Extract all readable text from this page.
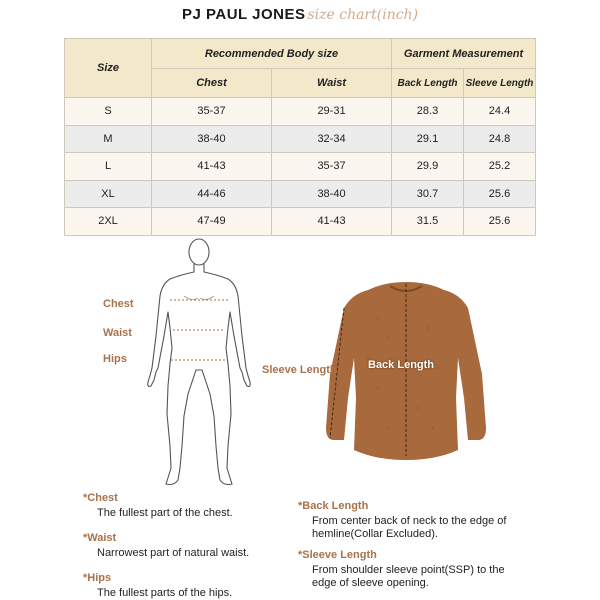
PJ PAUL JONES size chart(inch)
Size	Recommended Body size		Garment Measurement	
	Chest	Waist	Back Length	Sleeve Length
S	35-37	29-31	28.3	24.4
M	38-40	32-34	29.1	24.8
L	41-43	35-37	29.9	25.2
XL	44-46	38-40	30.7	25.6
2XL	47-49	41-43	31.5	25.6
Chest
Waist
Hips	Back Length
Sleeve Length
*Chest
The fullest part of the chest.
*Waist
Narrowest part of natural waist.
*Hips
The fullest parts of the hips.
*Back Length
From center back of neck to the edge of hemline(Collar Excluded).
*Sleeve Length
From shoulder sleeve point(SSP) to the edge of sleeve opening.
